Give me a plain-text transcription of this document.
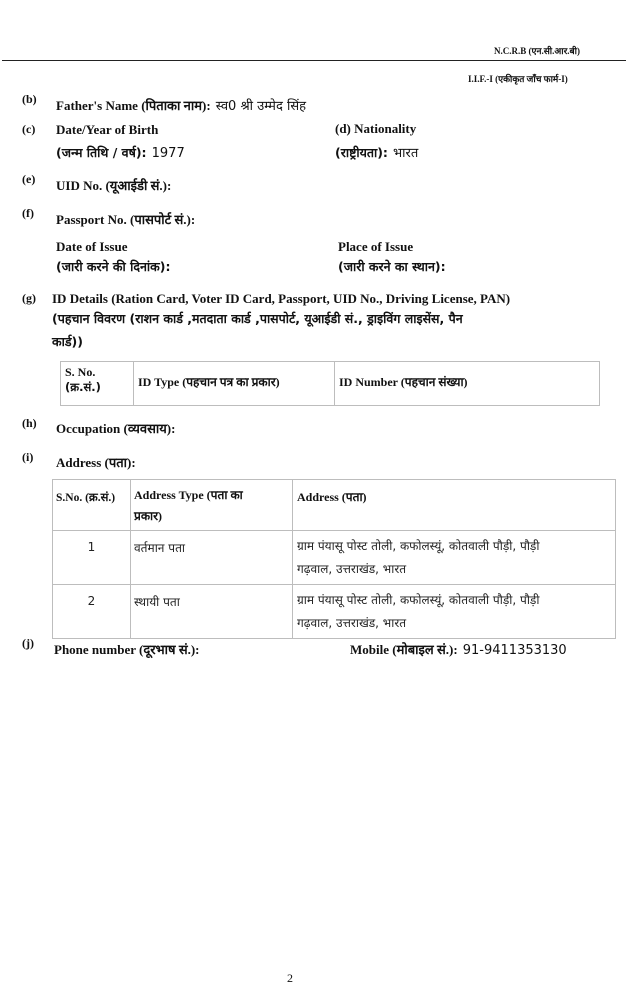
N.C.R.B (एन.सी.आर.बी)
I.I.F.-I (एकीकृत जाँच फार्म-I)
(b) Father's Name (पिताका नाम): स्व0 श्री उम्मेद सिंह
(c) Date/Year of Birth
(जन्म तिथि / वर्ष): 1977
(d) Nationality
(राष्ट्रीयता): भारत
(e) UID No. (यूआईडी सं.):
(f) Passport No. (पासपोर्ट सं.):
Date of Issue
(जारी करने की दिनांक):
Place of Issue
(जारी करने का स्थान):
(g) ID Details (Ration Card, Voter ID Card, Passport, UID No., Driving License, PAN)
(पहचान विवरण (राशन कार्ड ,मतदाता कार्ड ,पासपोर्ट, यूआईडी सं., ड्राइविंग लाइसेंस, पैन
कार्ड))
S. No.
(क्र.सं.)	ID Type (पहचान पत्र का प्रकार)	ID Number (पहचान संख्या)
(h) Occupation (व्यवसाय):
(i) Address (पता):
S.No. (क्र.सं.)	Address Type (पता का
प्रकार)	Address (पता)
1	वर्तमान पता	ग्राम पंयासू पोस्ट तोली, कफोलस्यूं, कोतवाली पौड़ी, पौड़ी
गढ़वाल, उत्तराखंड, भारत

2	स्थायी पता	ग्राम पंयासू पोस्ट तोली, कफोलस्यूं, कोतवाली पौड़ी, पौड़ी
गढ़वाल, उत्तराखंड, भारत
(j) Phone number (दूरभाष सं.):	Mobile (मोबाइल सं.): 91-9411353130
2
